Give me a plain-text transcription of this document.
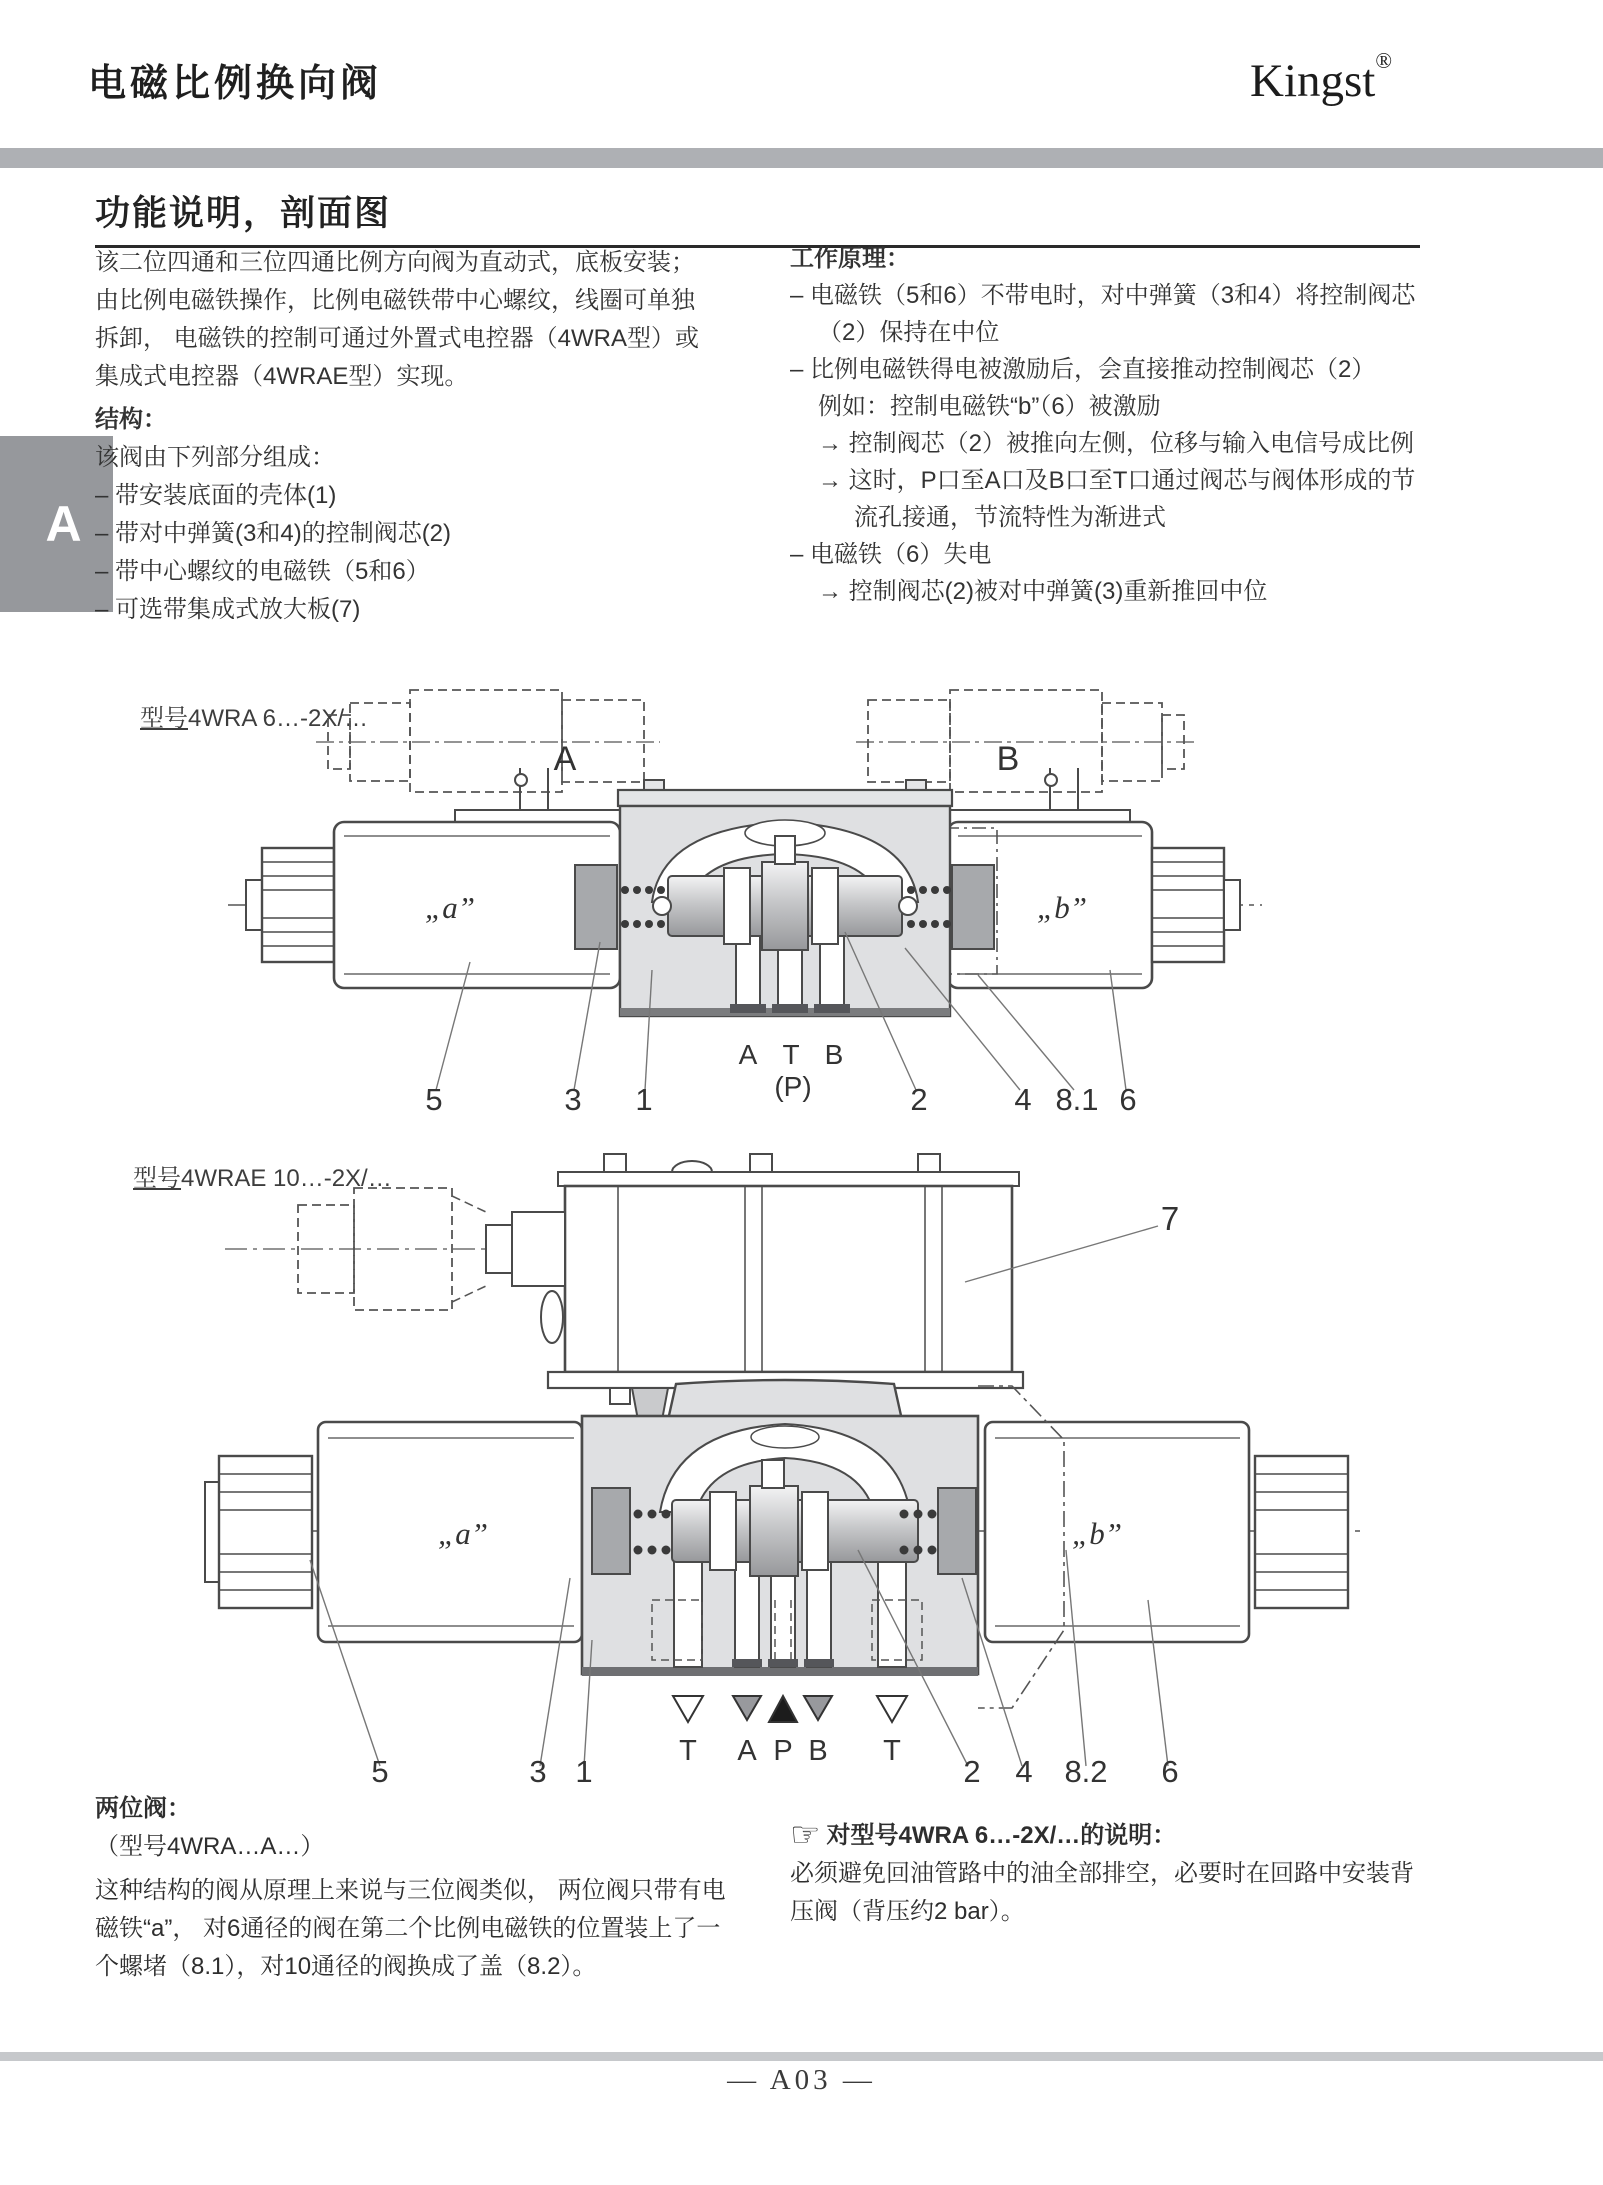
电磁比例换向阀	Kingst®
A
功能说明，剖面图
该二位四通和三位四通比例方向阀为直动式，底板安装；
由比例电磁铁操作，比例电磁铁带中心螺纹，线圈可单独
拆卸， 电磁铁的控制可通过外置式电控器（4WRA型）或
集成式电控器（4WRAE型）实现。
结构：
该阀由下列部分组成：
– 带安装底面的壳体(1)
– 带对中弹簧(3和4)的控制阀芯(2)
– 带中心螺纹的电磁铁（5和6）
– 可选带集成式放大板(7)
工作原理：
– 电磁铁（5和6）不带电时，对中弹簧（3和4）将控制阀芯
（2）保持在中位
– 比例电磁铁得电被激励后，会直接推动控制阀芯（2）
例如：控制电磁铁“b”（6）被激励
→ 控制阀芯（2）被推向左侧，位移与输入电信号成比例
→ 这时，P口至A口及B口至T口通过阀芯与阀体形成的节
流孔接通，节流特性为渐进式
– 电磁铁（6）失电
→ 控制阀芯(2)被对中弹簧(3)重新推回中位
型号4WRA 6…-2X/…
A	B
„a”	„b”
A T B
(P)
5	3 1	2	4 8.1 6
型号4WRAE 10…-2X/…
7
„a”	„b”
T A P B T
5	3 1	2 4 8.2 6
两位阀：
（型号4WRA…A…）
这种结构的阀从原理上来说与三位阀类似， 两位阀只带有电
磁铁“a”， 对6通径的阀在第二个比例电磁铁的位置装上了一
个螺堵（8.1），对10通径的阀换成了盖（8.2）。
☞ 对型号4WRA 6…-2X/…的说明：
必须避免回油管路中的油全部排空，必要时在回路中安装背
压阀（背压约2 bar）。
— A03 —
